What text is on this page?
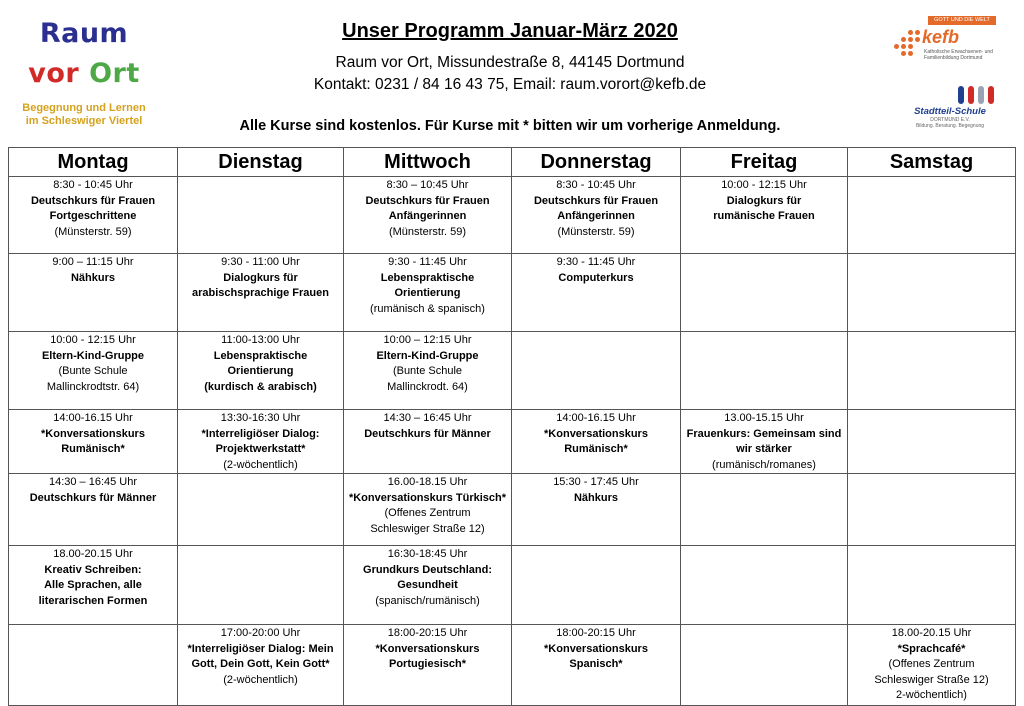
Raum
vor Ort
Begegnung und Lernen
im Schleswiger Viertel
Unser Programm Januar-März 2020
Raum vor Ort, Missundestraße 8, 44145 Dortmund
Kontakt: 0231 / 84 16 43 75, Email: raum.vorort@kefb.de
Alle Kurse sind kostenlos. Für Kurse mit * bitten wir um vorherige Anmeldung.
GOTT UND DIE WELT
kefb
Katholische Erwachsenen- und Familienbildung Dortmund
Stadtteil-Schule
DORTMUND E.V.
Bildung. Beratung. Begegnung
Montag	Dienstag	Mittwoch	Donnerstag	Freitag	Samstag

8:30 - 10:45 Uhr
Deutschkurs für Frauen
Fortgeschrittene
(Münsterstr. 59)		8:30 – 10:45 Uhr
Deutschkurs für Frauen
Anfängerinnen
(Münsterstr. 59)	8:30 - 10:45 Uhr
Deutschkurs für Frauen
Anfängerinnen
(Münsterstr. 59)	10:00 - 12:15 Uhr
Dialogkurs für
rumänische Frauen	

9:00 – 11:15 Uhr
Nähkurs	9:30 - 11:00 Uhr
Dialogkurs für
arabischsprachige Frauen	9:30 - 11:45 Uhr
Lebenspraktische
Orientierung
(rumänisch & spanisch)	9:30 - 11:45 Uhr
Computerkurs		

10:00 - 12:15 Uhr
Eltern-Kind-Gruppe
(Bunte Schule
Mallinckrodtstr. 64)	11:00-13:00 Uhr
Lebenspraktische
Orientierung
(kurdisch & arabisch)	10:00 – 12:15 Uhr
Eltern-Kind-Gruppe
(Bunte Schule
Mallinckrodt. 64)			

14:00-16.15 Uhr
*Konversationskurs
Rumänisch*	13:30-16:30 Uhr
*Interreligiöser Dialog:
Projektwerkstatt*
(2-wöchentlich)	14:30 – 16:45 Uhr
Deutschkurs für Männer	14:00-16.15 Uhr
*Konversationskurs
Rumänisch*	13.00-15.15 Uhr
Frauenkurs: Gemeinsam sind
wir stärker
(rumänisch/romanes)	

14:30 – 16:45 Uhr
Deutschkurs für Männer		16.00-18.15 Uhr
*Konversationskurs Türkisch*
(Offenes Zentrum
Schleswiger Straße 12)	15:30 - 17:45 Uhr
Nähkurs		

18.00-20.15 Uhr
Kreativ Schreiben:
Alle Sprachen, alle
literarischen Formen		16:30-18:45 Uhr
Grundkurs Deutschland:
Gesundheit
(spanisch/rumänisch)			

	17:00-20:00 Uhr
*Interreligiöser Dialog: Mein
Gott, Dein Gott, Kein Gott*
(2-wöchentlich)	18:00-20:15 Uhr
*Konversationskurs
Portugiesisch*	18:00-20:15 Uhr
*Konversationskurs
Spanisch*		18.00-20.15 Uhr
*Sprachcafé*
(Offenes Zentrum
Schleswiger Straße 12)
2-wöchentlich)
